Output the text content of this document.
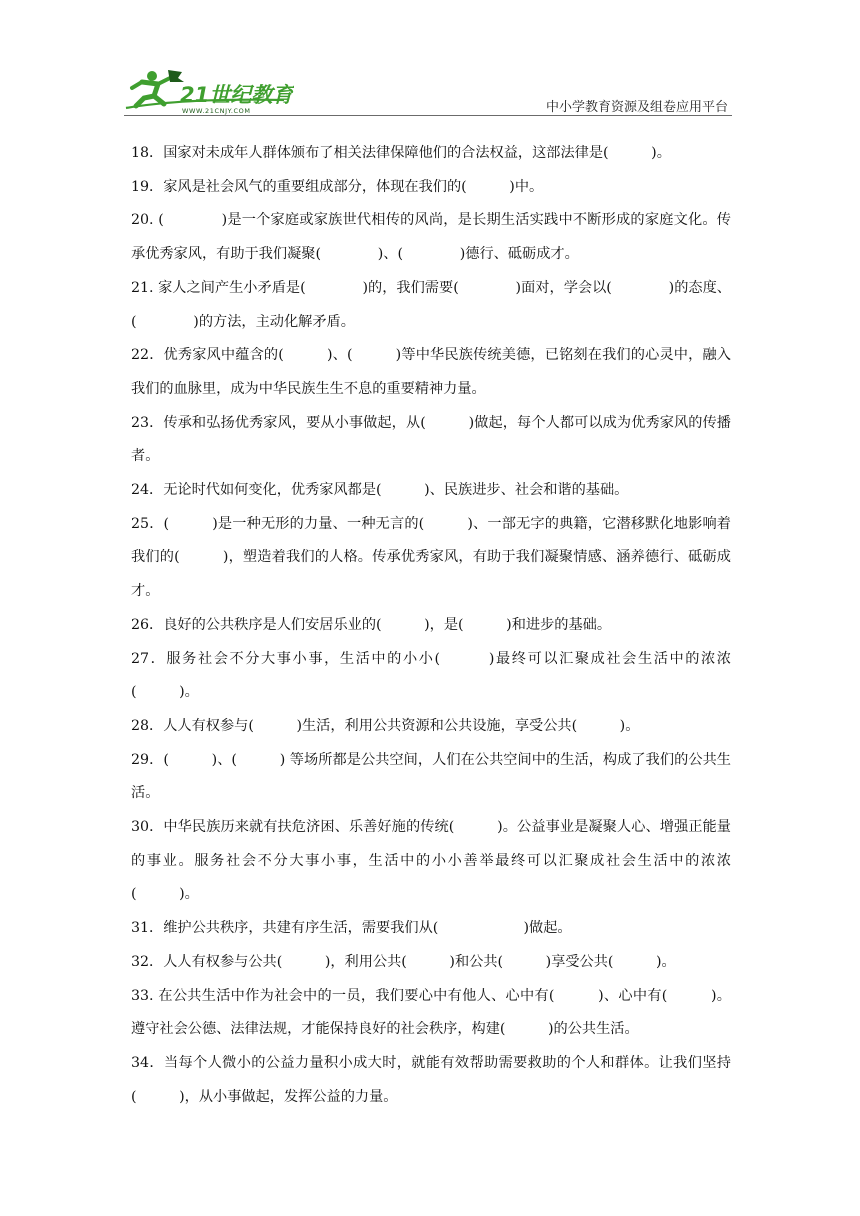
21世纪教育
WWW.21CNJY.COM	中小学教育资源及组卷应用平台

18．国家对未成年人群体颁布了相关法律保障他们的合法权益，这部法律是(　　　)。

19．家风是社会风气的重要组成部分，体现在我们的(　　　)中。

20. (　　　　)是一个家庭或家族世代相传的风尚，是长期生活实践中不断形成的家庭文化。传承优秀家风，有助于我们凝聚(　　　　)、(　　　　)德行、砥砺成才。

21. 家人之间产生小矛盾是(　　　　)的，我们需要(　　　　)面对，学会以(　　　　)的态度、(　　　　)的方法，主动化解矛盾。

22．优秀家风中蕴含的(　　　)、(　　　)等中华民族传统美德，已铭刻在我们的心灵中，融入我们的血脉里，成为中华民族生生不息的重要精神力量。

23．传承和弘扬优秀家风，要从小事做起，从(　　　)做起，每个人都可以成为优秀家风的传播者。

24．无论时代如何变化，优秀家风都是(　　　)、民族进步、社会和谐的基础。

25．(　　　)是一种无形的力量、一种无言的(　　　)、一部无字的典籍，它潜移默化地影响着我们的(　　　)，塑造着我们的人格。传承优秀家风，有助于我们凝聚情感、涵养德行、砥砺成才。

26．良好的公共秩序是人们安居乐业的(　　　)，是(　　　)和进步的基础。

27．服务社会不分大事小事，生活中的小小(　　　)最终可以汇聚成社会生活中的浓浓(　　　)。

28．人人有权参与(　　　)生活，利用公共资源和公共设施，享受公共(　　　)。

29．(　　　)、(　　　) 等场所都是公共空间，人们在公共空间中的生活，构成了我们的公共生活。

30．中华民族历来就有扶危济困、乐善好施的传统(　　　)。公益事业是凝聚人心、增强正能量的事业。服务社会不分大事小事，生活中的小小善举最终可以汇聚成社会生活中的浓浓(　　　)。

31．维护公共秩序，共建有序生活，需要我们从(　　　　　　)做起。

32．人人有权参与公共(　　　)，利用公共(　　　)和公共(　　　)享受公共(　　　)。

33. 在公共生活中作为社会中的一员，我们要心中有他人、心中有(　　　)、心中有(　　　)。遵守社会公德、法律法规，才能保持良好的社会秩序，构建(　　　)的公共生活。

34．当每个人微小的公益力量积小成大时，就能有效帮助需要救助的个人和群体。让我们坚持(　　　)，从小事做起，发挥公益的力量。
